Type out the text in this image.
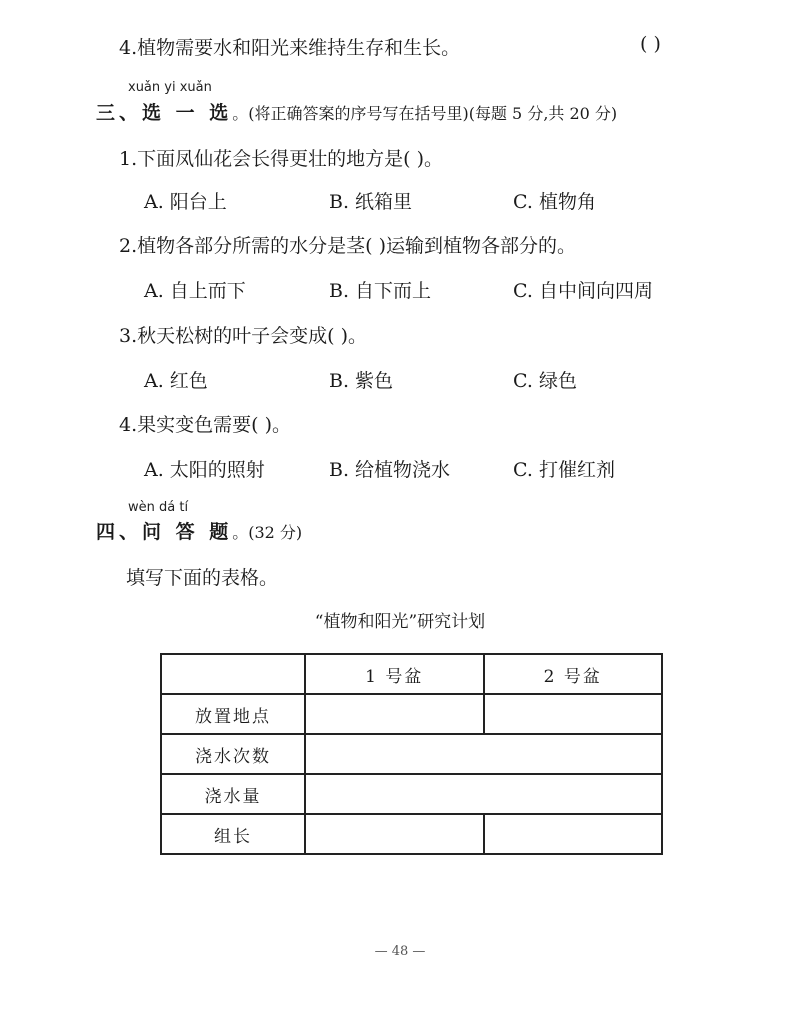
4.植物需要水和阳光来维持生存和生长。	( )
xuǎn yi xuǎn
三、选 一 选。(将正确答案的序号写在括号里)(每题 5 分,共 20 分)
1.下面凤仙花会长得更壮的地方是( )。
A. 阳台上	B. 纸箱里	C. 植物角
2.植物各部分所需的水分是茎( )运输到植物各部分的。
A. 自上而下	B. 自下而上	C. 自中间向四周
3.秋天松树的叶子会变成( )。
A. 红色	B. 紫色	C. 绿色
4.果实变色需要( )。
A. 太阳的照射	B. 给植物浇水	C. 打催红剂
wèn dá tí
四、问 答 题。(32 分)
填写下面的表格。
“植物和阳光”研究计划
	1 号盆	2 号盆
放置地点		
浇水次数		
浇水量		
组长		
— 48 —
